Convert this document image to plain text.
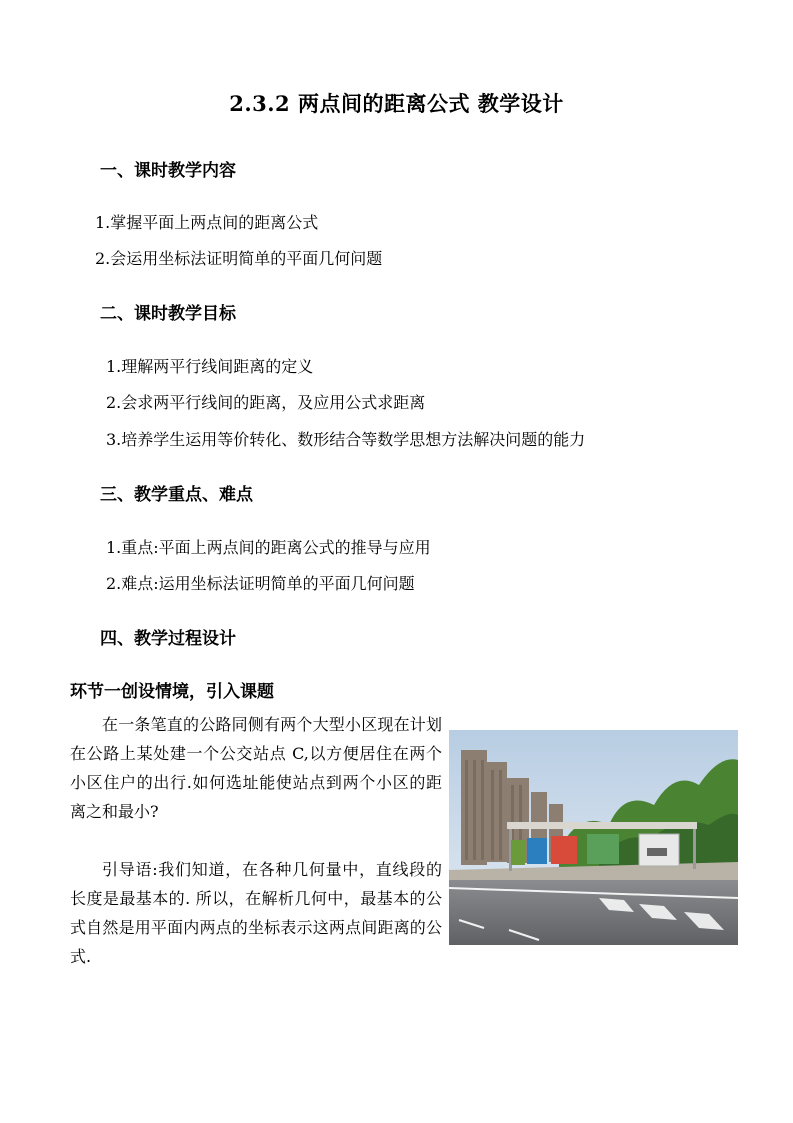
2.3.2 两点间的距离公式 教学设计
一、课时教学内容
1.掌握平面上两点间的距离公式
2.会运用坐标法证明简单的平面几何问题
二、课时教学目标
1.理解两平行线间距离的定义
2.会求两平行线间的距离，及应用公式求距离
3.培养学生运用等价转化、数形结合等数学思想方法解决问题的能力
三、教学重点、难点
1.重点:平面上两点间的距离公式的推导与应用
2.难点:运用坐标法证明简单的平面几何问题
四、教学过程设计
环节一创设情境，引入课题
在一条笔直的公路同侧有两个大型小区现在计划在公路上某处建一个公交站点 C,以方便居住在两个小区住户的出行.如何选址能使站点到两个小区的距离之和最小?
引导语:我们知道，在各种几何量中，直线段的长度是最基本的. 所以，在解析几何中，最基本的公式自然是用平面内两点的坐标表示这两点间距离的公式.
